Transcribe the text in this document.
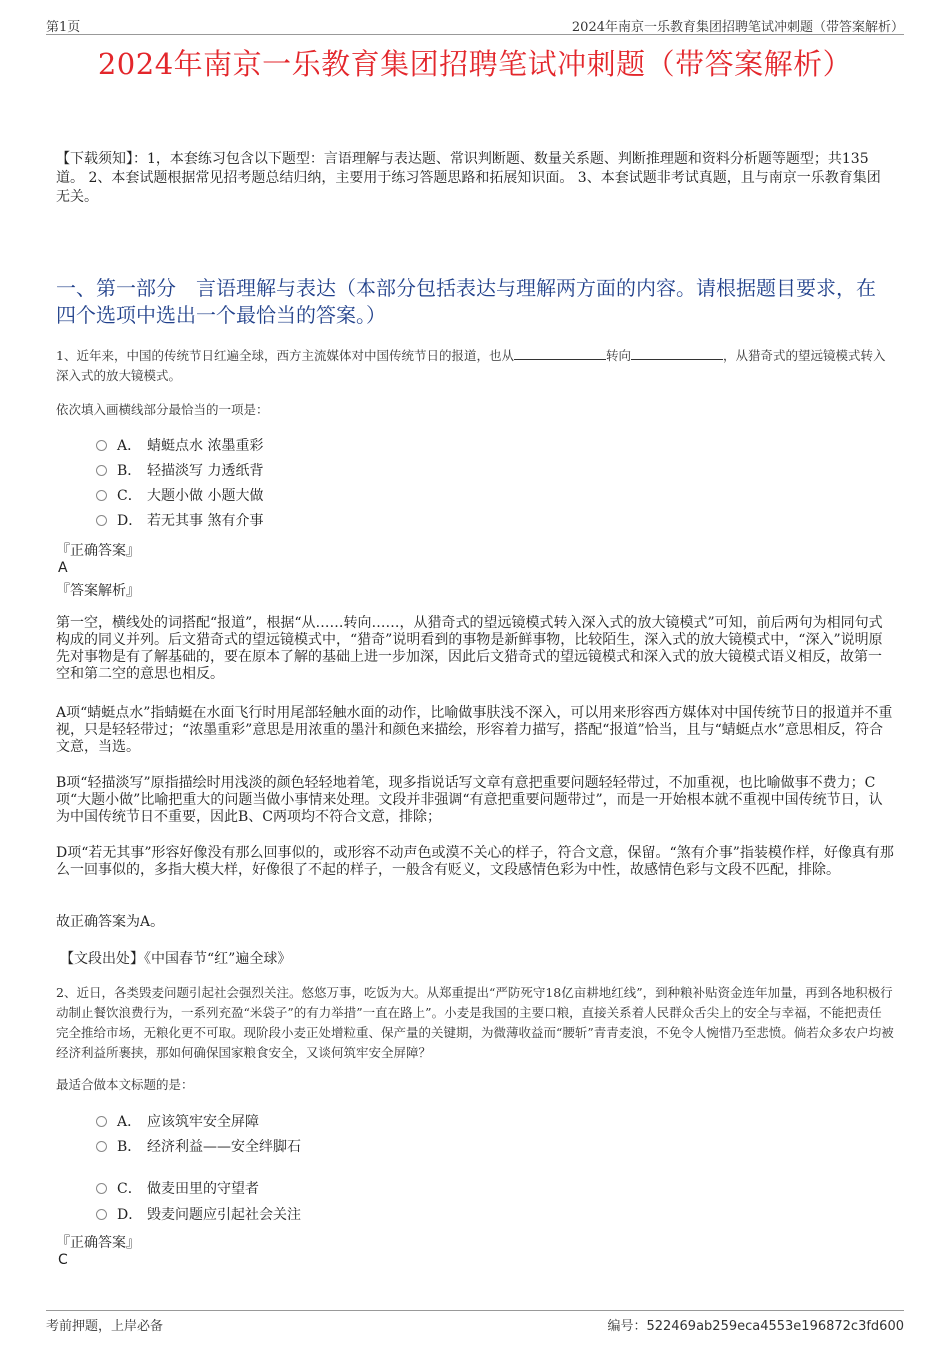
第1页	2024年南京一乐教育集团招聘笔试冲刺题（带答案解析）
2024年南京一乐教育集团招聘笔试冲刺题（带答案解析）
【下载须知】：1，本套练习包含以下题型：言语理解与表达题、常识判断题、数量关系题、判断推理题和资料分析题等题型；共135道。 2、本套试题根据常见招考题总结归纳，主要用于练习答题思路和拓展知识面。 3、本套试题非考试真题，且与南京一乐教育集团无关。
一、第一部分　言语理解与表达（本部分包括表达与理解两方面的内容。请根据题目要求，在四个选项中选出一个最恰当的答案。）
1、近年来，中国的传统节日红遍全球，西方主流媒体对中国传统节日的报道，也从	转向	，从猎奇式的望远镜模式转入深入式的放大镜模式。
依次填入画横线部分最恰当的一项是：
A． 蜻蜓点水 浓墨重彩
B． 轻描淡写 力透纸背
C． 大题小做 小题大做
D． 若无其事 煞有介事
『正确答案』
A
『答案解析』
第一空，横线处的词搭配“报道”，根据“从……转向……，从猎奇式的望远镜模式转入深入式的放大镜模式”可知，前后两句为相同句式构成的同义并列。后文猎奇式的望远镜模式中，“猎奇”说明看到的事物是新鲜事物，比较陌生，深入式的放大镜模式中，“深入”说明原先对事物是有了解基础的，要在原本了解的基础上进一步加深，因此后文猎奇式的望远镜模式和深入式的放大镜模式语义相反，故第一空和第二空的意思也相反。
A项“蜻蜓点水”指蜻蜓在水面飞行时用尾部轻触水面的动作，比喻做事肤浅不深入，可以用来形容西方媒体对中国传统节日的报道并不重视，只是轻轻带过；“浓墨重彩”意思是用浓重的墨汁和颜色来描绘，形容着力描写，搭配“报道”恰当，且与“蜻蜓点水”意思相反，符合文意，当选。
B项“轻描淡写”原指描绘时用浅淡的颜色轻轻地着笔，现多指说话写文章有意把重要问题轻轻带过，不加重视，也比喻做事不费力；C项“大题小做”比喻把重大的问题当做小事情来处理。文段并非强调“有意把重要问题带过”，而是一开始根本就不重视中国传统节日，认为中国传统节日不重要，因此B、C两项均不符合文意，排除；
D项“若无其事”形容好像没有那么回事似的，或形容不动声色或漠不关心的样子，符合文意，保留。“煞有介事”指装模作样，好像真有那么一回事似的，多指大模大样，好像很了不起的样子，一般含有贬义，文段感情色彩为中性，故感情色彩与文段不匹配，排除。
故正确答案为A。
【文段出处】《中国春节“红”遍全球》
2、近日，各类毁麦问题引起社会强烈关注。悠悠万事，吃饭为大。从郑重提出“严防死守18亿亩耕地红线”，到种粮补贴资金连年加量，再到各地积极行动制止餐饮浪费行为，一系列充盈“米袋子”的有力举措”一直在路上”。小麦是我国的主要口粮，直接关系着人民群众舌尖上的安全与幸福，不能把责任完全推给市场，无粮化更不可取。现阶段小麦正处增粒重、保产量的关键期，为微薄收益而“腰斩”青青麦浪，不免令人惋惜乃至悲愤。倘若众多农户均被经济利益所裹挟，那如何确保国家粮食安全，又谈何筑牢安全屏障？
最适合做本文标题的是：
A． 应该筑牢安全屏障
B． 经济利益——安全绊脚石
C． 做麦田里的守望者
D． 毁麦问题应引起社会关注
『正确答案』
C
考前押题，上岸必备	编号：522469ab259eca4553e196872c3fd600
